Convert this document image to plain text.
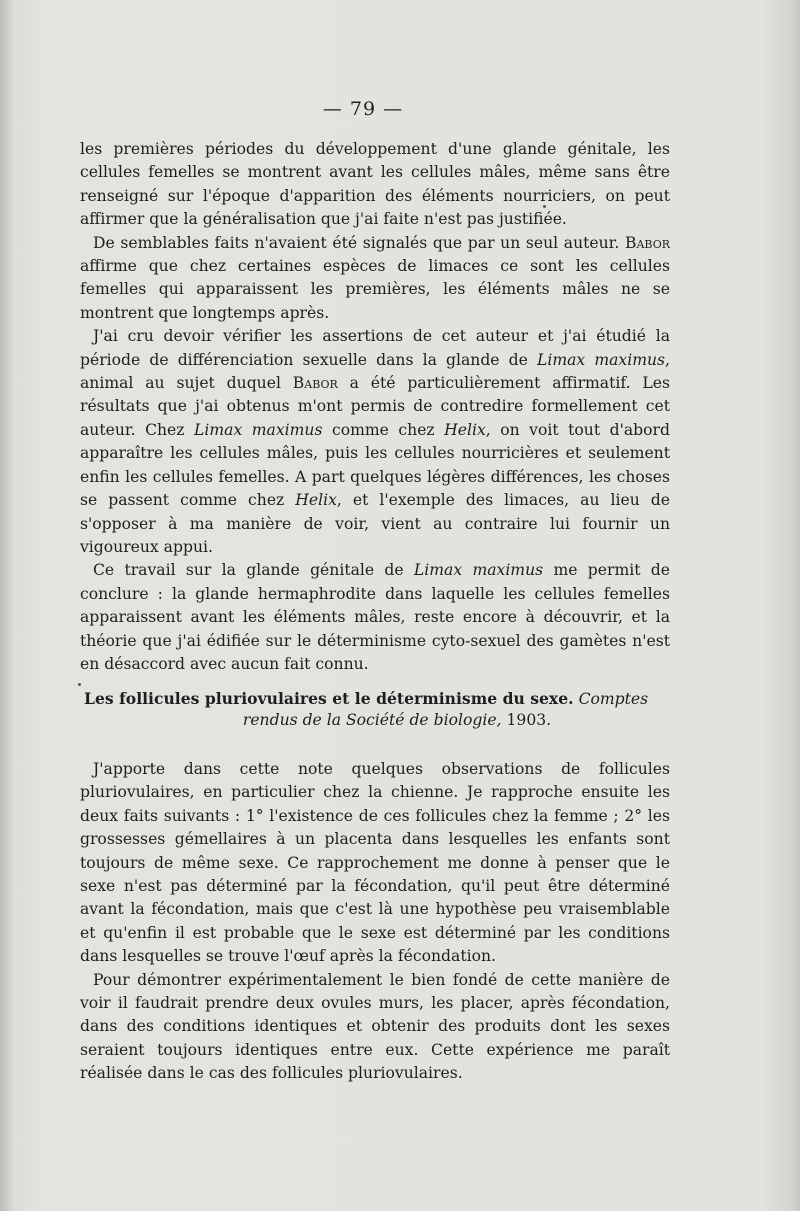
— 79 —

les premières périodes du développement d'une glande génitale, les cellules femelles se montrent avant les cellules mâles, même sans être renseigné sur l'époque d'apparition des éléments nourriciers, on peut affirmer que la généralisation que j'ai faite n'est pas justifiée.

De semblables faits n'avaient été signalés que par un seul auteur. Babor affirme que chez certaines espèces de limaces ce sont les cellules femelles qui apparaissent les premières, les éléments mâles ne se montrent que longtemps après.

J'ai cru devoir vérifier les assertions de cet auteur et j'ai étudié la période de différenciation sexuelle dans la glande de Limax maximus, animal au sujet duquel Babor a été particulièrement affirmatif. Les résultats que j'ai obtenus m'ont permis de contredire formellement cet auteur. Chez Limax maximus comme chez Helix, on voit tout d'abord apparaître les cellules mâles, puis les cellules nourricières et seulement enfin les cellules femelles. A part quelques légères différences, les choses se passent comme chez Helix, et l'exemple des limaces, au lieu de s'opposer à ma manière de voir, vient au contraire lui fournir un vigoureux appui.

Ce travail sur la glande génitale de Limax maximus me permit de conclure : la glande hermaphrodite dans laquelle les cellules femelles apparaissent avant les éléments mâles, reste encore à découvrir, et la théorie que j'ai édifiée sur le déterminisme cyto-sexuel des gamètes n'est en désaccord avec aucun fait connu.

Les follicules pluriovulaires et le déterminisme du sexe. Comptes
rendus de la Société de biologie, 1903.

J'apporte dans cette note quelques observations de follicules pluriovulaires, en particulier chez la chienne. Je rapproche ensuite les deux faits suivants : 1° l'existence de ces follicules chez la femme ; 2° les grossesses gémellaires à un placenta dans lesquelles les enfants sont toujours de même sexe. Ce rapprochement me donne à penser que le sexe n'est pas déterminé par la fécondation, qu'il peut être déterminé avant la fécondation, mais que c'est là une hypothèse peu vraisemblable et qu'enfin il est probable que le sexe est déterminé par les conditions dans lesquelles se trouve l'œuf après la fécondation.

Pour démontrer expérimentalement le bien fondé de cette manière de voir il faudrait prendre deux ovules murs, les placer, après fécondation, dans des conditions identiques et obtenir des produits dont les sexes seraient toujours identiques entre eux. Cette expérience me paraît réalisée dans le cas des follicules pluriovulaires.
